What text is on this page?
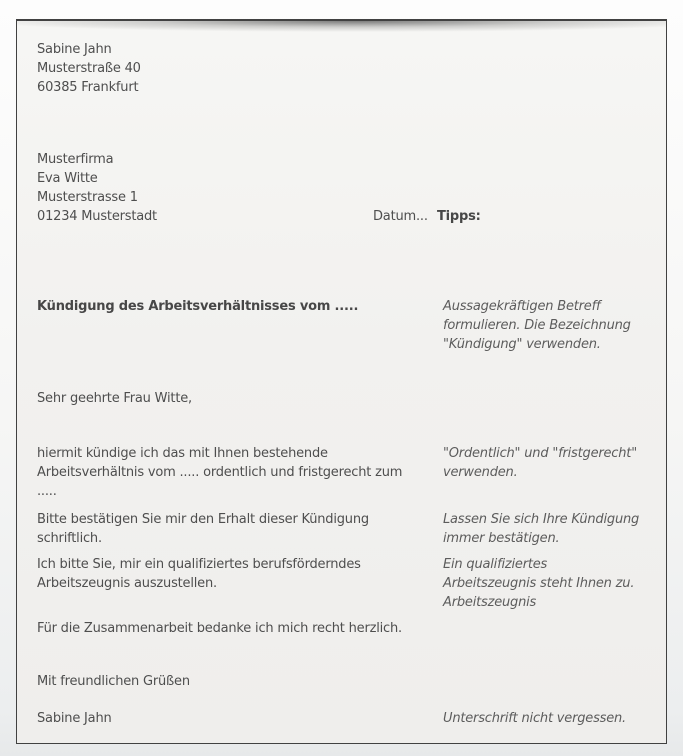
Sabine Jahn
Musterstraße 40
60385 Frankfurt
Musterfirma
Eva Witte
Musterstrasse 1
01234 Musterstadt	Datum... Tipps:
Kündigung des Arbeitsverhältnisses vom .....	Aussagekräftigen Betreff
formulieren. Die Bezeichnung
"Kündigung" verwenden.
Sehr geehrte Frau Witte,
hiermit kündige ich das mit Ihnen bestehende
Arbeitsverhältnis vom ..... ordentlich und fristgerecht zum
.....
"Ordentlich" und "fristgerecht"
verwenden.
Bitte bestätigen Sie mir den Erhalt dieser Kündigung
schriftlich.
Lassen Sie sich Ihre Kündigung
immer bestätigen.
Ich bitte Sie, mir ein qualifiziertes berufsförderndes
Arbeitszeugnis auszustellen.
Ein qualifiziertes
Arbeitszeugnis steht Ihnen zu.
Arbeitszeugnis
Für die Zusammenarbeit bedanke ich mich recht herzlich.
Mit freundlichen Grüßen
Sabine Jahn	Unterschrift nicht vergessen.
